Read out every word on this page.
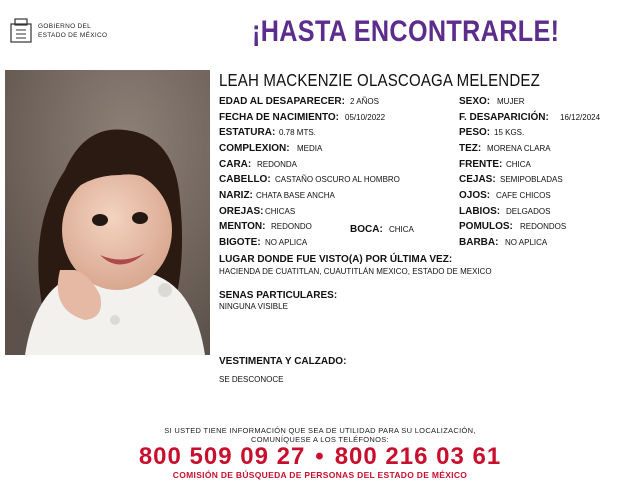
GOBIERNO DEL
ESTADO DE MÉXICO	¡HASTA ENCONTRARLE!
LEAH MACKENZIE OLASCOAGA MELENDEZ
EDAD AL DESAPARECER: 2 AÑOS	SEXO: MUJER
FECHA DE NACIMIENTO: 05/10/2022	F. DESAPARICIÓN: 16/12/2024
ESTATURA: 0.78 MTS.	PESO: 15 KGS.
COMPLEXION: MEDIA	TEZ: MORENA CLARA
CARA: REDONDA	FRENTE: CHICA
CABELLO: CASTAÑO OSCURO AL HOMBRO	CEJAS: SEMIPOBLADAS
NARIZ: CHATA BASE ANCHA	OJOS: CAFE CHICOS
OREJAS: CHICAS	LABIOS: DELGADOS
MENTON: REDONDO	BOCA: CHICA	POMULOS: REDONDOS
BIGOTE: NO APLICA	BARBA: NO APLICA
LUGAR DONDE FUE VISTO(A) POR ÚLTIMA VEZ:
HACIENDA DE CUATITLAN, CUAUTITLÁN MEXICO, ESTADO DE MEXICO
SENAS PARTICULARES:
NINGUNA VISIBLE
VESTIMENTA Y CALZADO:
SE DESCONOCE
SI USTED TIENE INFORMACIÓN QUE SEA DE UTILIDAD PARA SU LOCALIZACIÓN,
COMUNÍQUESE A LOS TELÉFONOS:
800 509 09 27 • 800 216 03 61
COMISIÓN DE BÚSQUEDA DE PERSONAS DEL ESTADO DE MÉXICO
